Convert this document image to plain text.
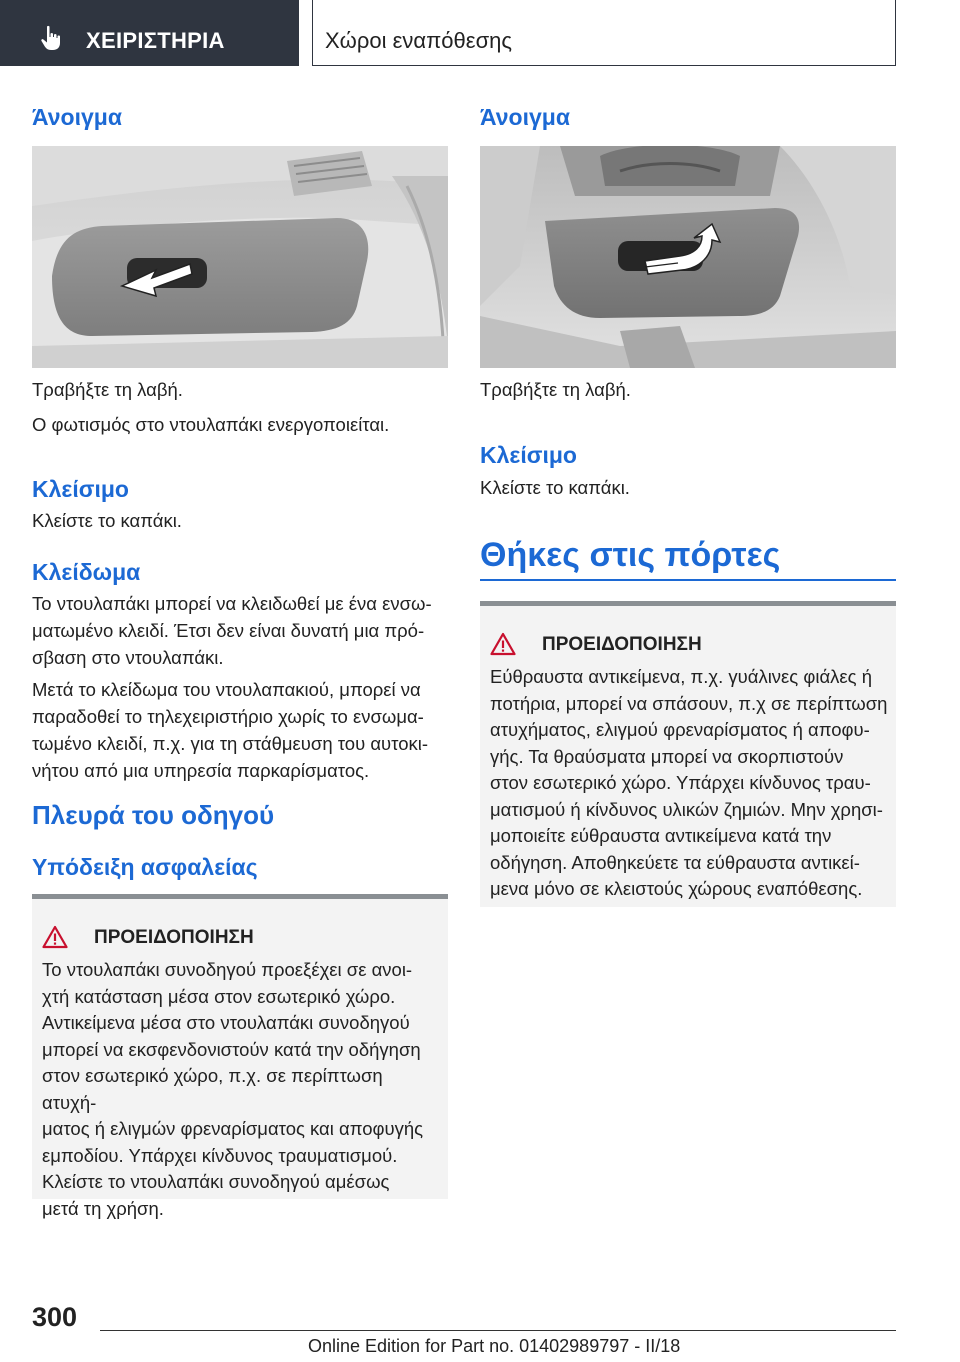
ΧΕΙΡΙΣΤΗΡΙΑ	Χώροι εναπόθεσης
Άνοιγμα
Τραβήξτε τη λαβή.
Ο φωτισμός στο ντουλαπάκι ενεργοποιείται.
Κλείσιμο
Κλείστε το καπάκι.
Κλείδωμα
Το ντουλαπάκι μπορεί να κλειδωθεί με ένα ενσω‐
ματωμένο κλειδί. Έτσι δεν είναι δυνατή μια πρό‐
σβαση στο ντουλαπάκι.
Μετά το κλείδωμα του ντουλαπακιού, μπορεί να
παραδοθεί το τηλεχειριστήριο χωρίς το ενσωμα‐
τωμένο κλειδί, π.χ. για τη στάθμευση του αυτοκι‐
νήτου από μια υπηρεσία παρκαρίσματος.
Πλευρά του οδηγού
Υπόδειξη ασφαλείας
ΠΡΟΕΙΔΟΠΟΙΗΣΗ
Το ντουλαπάκι συνοδηγού προεξέχει σε ανοι‐
χτή κατάσταση μέσα στον εσωτερικό χώρο.
Αντικείμενα μέσα στο ντουλαπάκι συνοδηγού
μπορεί να εκσφενδονιστούν κατά την οδήγηση
στον εσωτερικό χώρο, π.χ. σε περίπτωση ατυχή‐
ματος ή ελιγμών φρεναρίσματος και αποφυγής
εμποδίου. Υπάρχει κίνδυνος τραυματισμού.
Κλείστε το ντουλαπάκι συνοδηγού αμέσως
μετά τη χρήση.
Άνοιγμα
Τραβήξτε τη λαβή.
Κλείσιμο
Κλείστε το καπάκι.
Θήκες στις πόρτες
ΠΡΟΕΙΔΟΠΟΙΗΣΗ
Εύθραυστα αντικείμενα, π.χ. γυάλινες φιάλες ή
ποτήρια, μπορεί να σπάσουν, π.χ σε περίπτωση
ατυχήματος, ελιγμού φρεναρίσματος ή αποφυ‐
γής. Τα θραύσματα μπορεί να σκορπιστούν
στον εσωτερικό χώρο. Υπάρχει κίνδυνος τραυ‐
ματισμού ή κίνδυνος υλικών ζημιών. Μην χρησι‐
μοποιείτε εύθραυστα αντικείμενα κατά την
οδήγηση. Αποθηκεύετε τα εύθραυστα αντικεί‐
μενα μόνο σε κλειστούς χώρους εναπόθεσης.
300
Online Edition for Part no. 01402989797 - II/18
